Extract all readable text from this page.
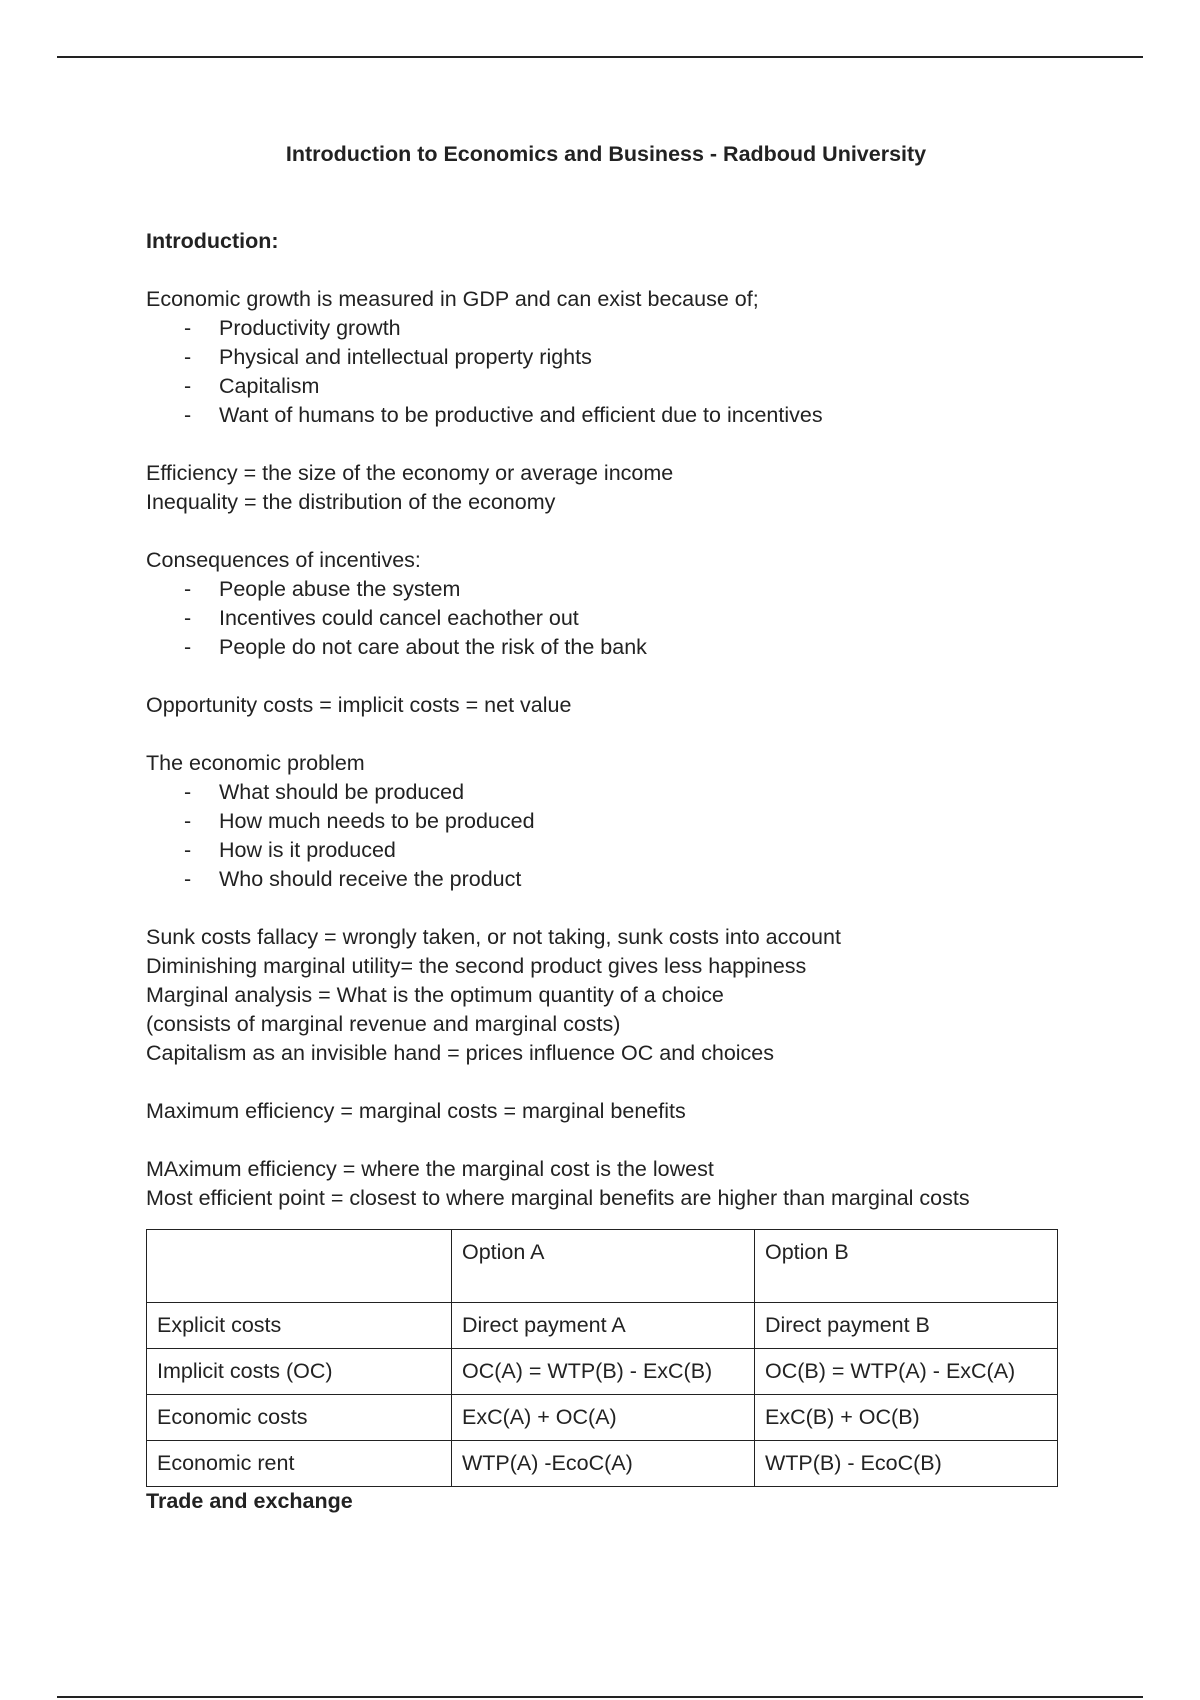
Introduction to Economics and Business - Radboud University

Introduction:

Economic growth is measured in GDP and can exist because of;

- Productivity growth
- Physical and intellectual property rights
- Capitalism
- Want of humans to be productive and efficient due to incentives

Efficiency = the size of the economy or average income

Inequality = the distribution of the economy

Consequences of incentives:

- People abuse the system
- Incentives could cancel eachother out
- People do not care about the risk of the bank

Opportunity costs = implicit costs = net value

The economic problem

- What should be produced
- How much needs to be produced
- How is it produced
- Who should receive the product

Sunk costs fallacy = wrongly taken, or not taking, sunk costs into account

Diminishing marginal utility= the second product gives less happiness

Marginal analysis = What is the optimum quantity of a choice

(consists of marginal revenue and marginal costs)

Capitalism as an invisible hand = prices influence OC and choices

Maximum efficiency = marginal costs = marginal benefits

MAximum efficiency = where the marginal cost is the lowest

Most efficient point = closest to where marginal benefits are higher than marginal costs

	Option A	Option B
Explicit costs	Direct payment A	Direct payment B
Implicit costs (OC)	OC(A) = WTP(B) - ExC(B)	OC(B) = WTP(A) - ExC(A)
Economic costs	ExC(A) + OC(A)	ExC(B) + OC(B)
Economic rent	WTP(A) -EcoC(A)	WTP(B) - EcoC(B)

Trade and exchange
